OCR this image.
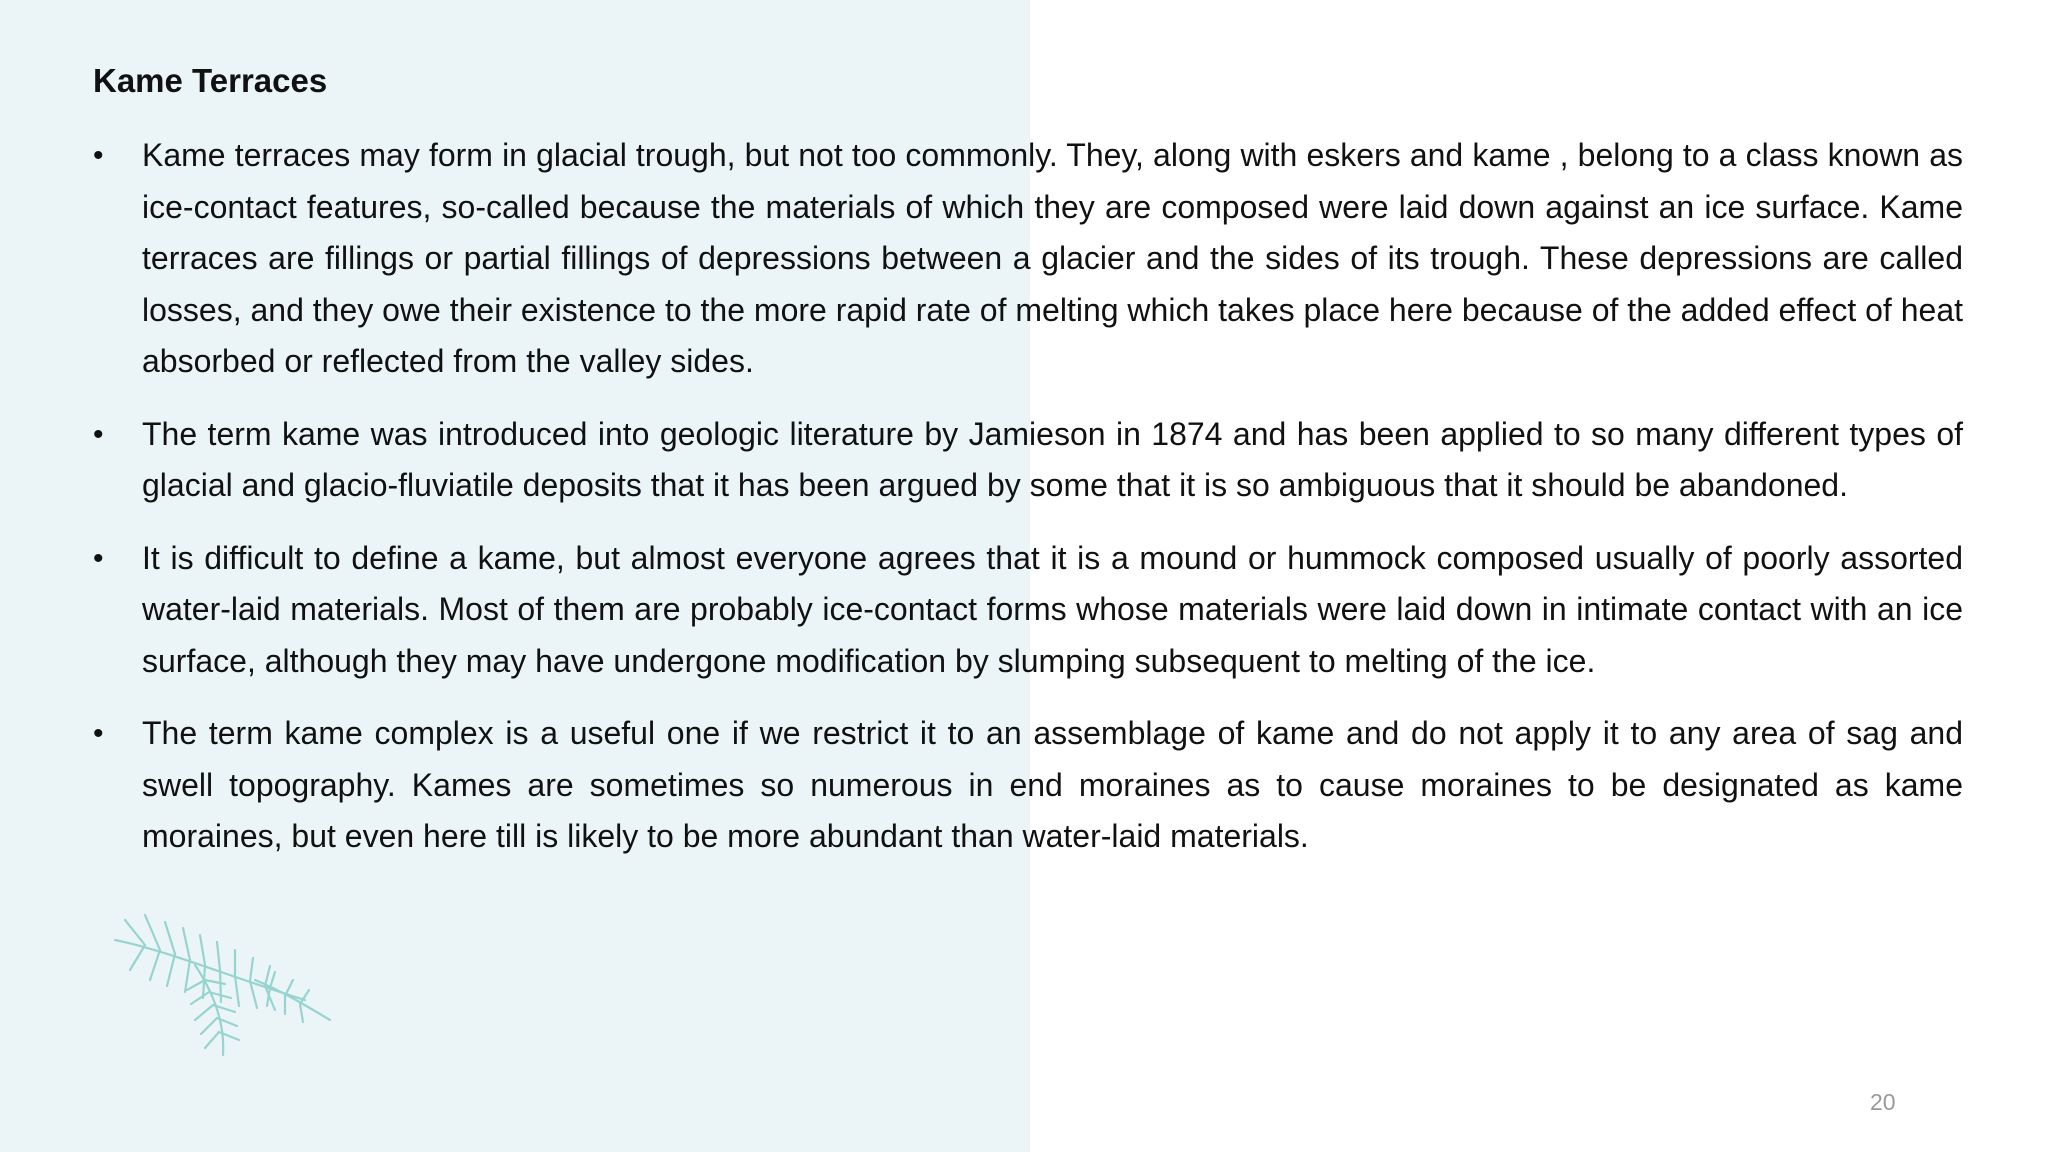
Kame Terraces
• Kame terraces may form in glacial trough, but not too commonly. They, along with eskers and kame , belong to a class known as ice-contact features, so-called because the materials of which they are composed were laid down against an ice surface. Kame terraces are fillings or partial fillings of depressions between a glacier and the sides of its trough. These depressions are called losses, and they owe their existence to the more rapid rate of melting which takes place here because of the added effect of heat absorbed or reflected from the valley sides.
• The term kame was introduced into geologic literature by Jamieson in 1874 and has been applied to so many different types of glacial and glacio-fluviatile deposits that it has been argued by some that it is so ambiguous that it should be abandoned.
• It is difficult to define a kame, but almost everyone agrees that it is a mound or hummock composed usually of poorly assorted water-laid materials. Most of them are probably ice-contact forms whose materials were laid down in intimate contact with an ice surface, although they may have undergone modification by slumping subsequent to melting of the ice.
• The term kame complex is a useful one if we restrict it to an assemblage of kame and do not apply it to any area of sag and swell topography. Kames are sometimes so numerous in end moraines as to cause moraines to be designated as kame moraines, but even here till is likely to be more abundant than water-laid materials.
20
